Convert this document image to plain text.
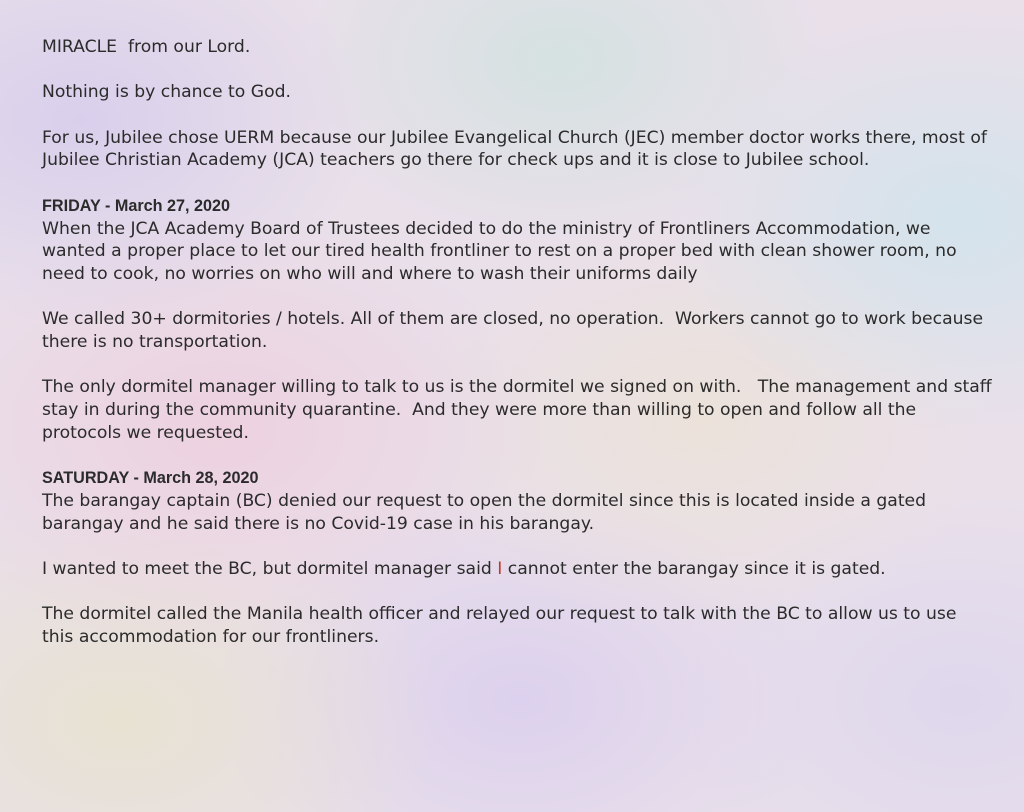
MIRACLE  from our Lord.

Nothing is by chance to God.

For us, Jubilee chose UERM because our Jubilee Evangelical Church (JEC) member doctor works there, most of Jubilee Christian Academy (JCA) teachers go there for check ups and it is close to Jubilee school.

FRIDAY - March 27, 2020

When the JCA Academy Board of Trustees decided to do the ministry of Frontliners Accommodation, we wanted a proper place to let our tired health frontliner to rest on a proper bed with clean shower room, no need to cook, no worries on who will and where to wash their uniforms daily

We called 30+ dormitories / hotels. All of them are closed, no operation.  Workers cannot go to work because there is no transportation.

The only dormitel manager willing to talk to us is the dormitel we signed on with.   The management and staff stay in during the community quarantine.  And they were more than willing to open and follow all the protocols we requested.

SATURDAY - March 28, 2020

The barangay captain (BC) denied our request to open the dormitel since this is located inside a gated barangay and he said there is no Covid-19 case in his barangay.

I wanted to meet the BC, but dormitel manager said I cannot enter the barangay since it is gated.

The dormitel called the Manila health officer and relayed our request to talk with the BC to allow us to use this accommodation for our frontliners.
